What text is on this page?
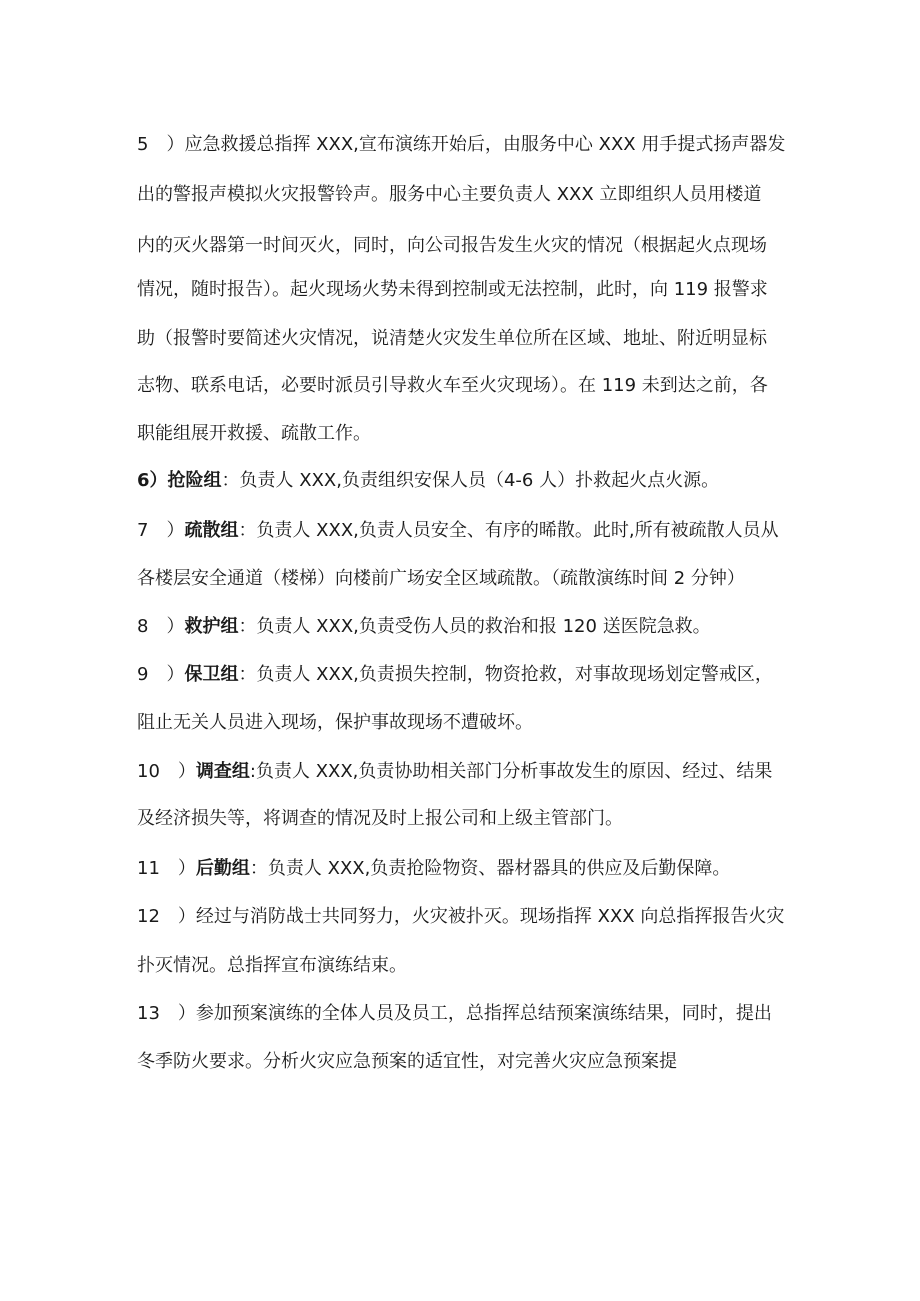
5　）应急救援总指挥 XXX,宣布演练开始后，由服务中心 XXX 用手提式扬声器发
出的警报声模拟火灾报警铃声。服务中心主要负责人 XXX 立即组织人员用楼道
内的灭火器第一时间灭火，同时，向公司报告发生火灾的情况（根据起火点现场
情况，随时报告）。起火现场火势未得到控制或无法控制，此时，向 119 报警求
助（报警时要简述火灾情况，说清楚火灾发生单位所在区域、地址、附近明显标
志物、联系电话，必要时派员引导救火车至火灾现场）。在 119 未到达之前，各
职能组展开救援、疏散工作。
6）抢险组：负责人 XXX,负责组织安保人员（4-6 人）扑救起火点火源。
7　）疏散组：负责人 XXX,负责人员安全、有序的晞散。此时,所有被疏散人员从
各楼层安全通道（楼梯）向楼前广场安全区域疏散。（疏散演练时间 2 分钟）
8　）救护组：负责人 XXX,负责受伤人员的救治和报 120 送医院急救。
9　）保卫组：负责人 XXX,负责损失控制，物资抢救，对事故现场划定警戒区，
阻止无关人员进入现场，保护事故现场不遭破坏。
10　）调查组:负责人 XXX,负责协助相关部门分析事故发生的原因、经过、结果
及经济损失等，将调查的情况及时上报公司和上级主管部门。
11　）后勤组：负责人 XXX,负责抢险物资、器材器具的供应及后勤保障。
12　）经过与消防战士共同努力，火灾被扑灭。现场指挥 XXX 向总指挥报告火灾
扑灭情况。总指挥宣布演练结束。
13　）参加预案演练的全体人员及员工，总指挥总结预案演练结果，同时，提出
冬季防火要求。分析火灾应急预案的适宜性，对完善火灾应急预案提
